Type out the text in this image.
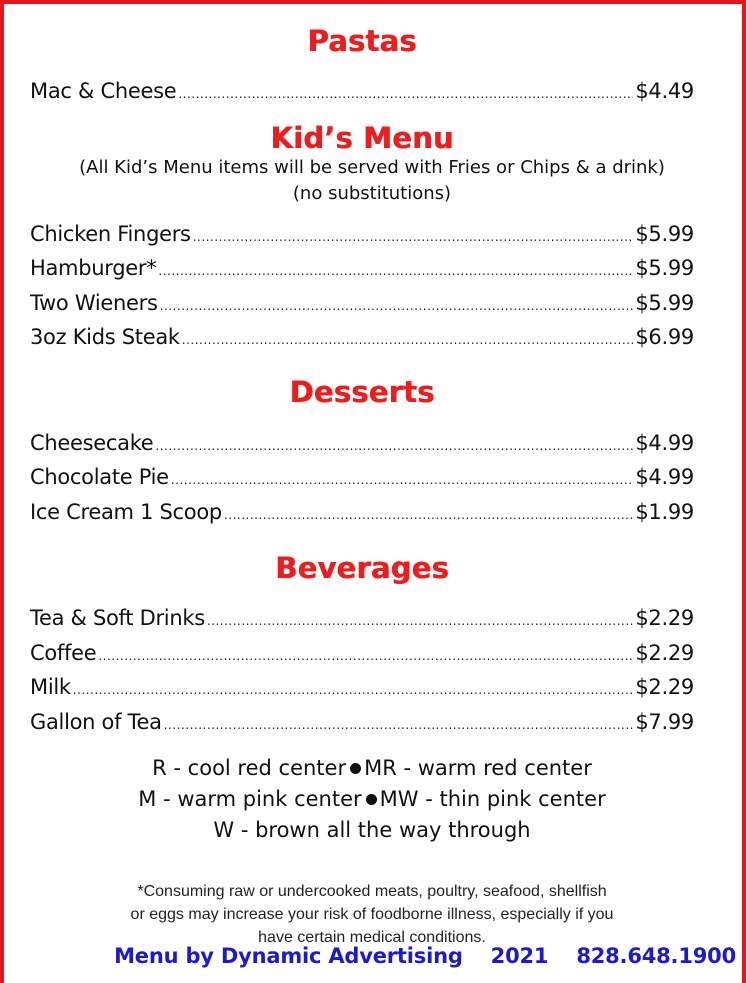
Pastas
Mac & Cheese .....	$4.49
Kid’s Menu
(All Kid’s Menu items will be served with Fries or Chips & a drink)
(no substitutions)
Chicken Fingers .....	$5.99
Hamburger* .....	$5.99
Two Wieners .....	$5.99
3oz Kids Steak .....	$6.99
Desserts
Cheesecake .....	$4.99
Chocolate Pie .....	$4.99
Ice Cream 1 Scoop .....	$1.99
Beverages
Tea & Soft Drinks .....	$2.29
Coffee .....	$2.29
Milk .....	$2.29
Gallon of Tea .....	$7.99
R - cool red center MR - warm red center
M - warm pink center MW - thin pink center
W - brown all the way through
*Consuming raw or undercooked meats, poultry, seafood, shellfish
or eggs may increase your risk of foodborne illness, especially if you
have certain medical conditions.
Menu by Dynamic Advertising 2021 828.648.1900
